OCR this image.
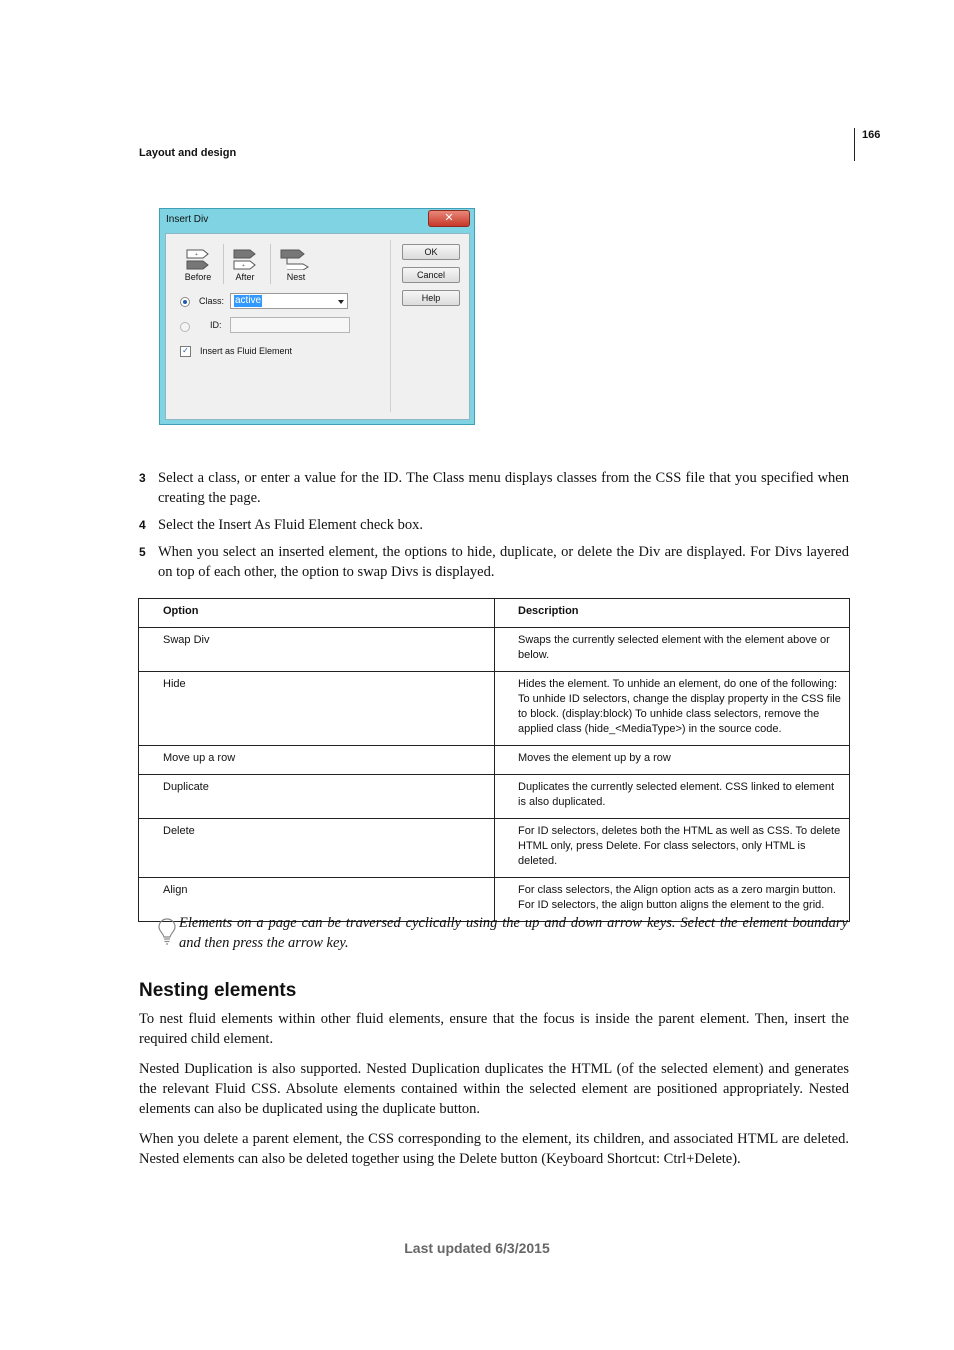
Layout and design
166
Insert Div	✕
+
Before
+
After	Nest
Class: active
ID:
✓ Insert as Fluid Element
OK
Cancel
Help
3 Select a class, or enter a value for the ID. The Class menu displays classes from the CSS file that you specified when creating the page.
4 Select the Insert As Fluid Element check box.
5 When you select an inserted element, the options to hide, duplicate, or delete the Div are displayed. For Divs layered on top of each other, the option to swap Divs is displayed.
Option	Description
Swap Div	Swaps the currently selected element with the element above or below.
Hide	Hides the element. To unhide an element, do one of the following: To unhide ID selectors, change the display property in the CSS file to block. (display:block) To unhide class selectors, remove the applied class (hide_<MediaType>) in the source code.
Move up a row	Moves the element up by a row
Duplicate	Duplicates the currently selected element. CSS linked to element is also duplicated.
Delete	For ID selectors, deletes both the HTML as well as CSS. To delete HTML only, press Delete. For class selectors, only HTML is deleted.
Align	For class selectors, the Align option acts as a zero margin button. For ID selectors, the align button aligns the element to the grid.
Elements on a page can be traversed cyclically using the up and down arrow keys. Select the element boundary and then press the arrow key.
Nesting elements
To nest fluid elements within other fluid elements, ensure that the focus is inside the parent element. Then, insert the required child element.
Nested Duplication is also supported. Nested Duplication duplicates the HTML (of the selected element) and generates the relevant Fluid CSS. Absolute elements contained within the selected element are positioned appropriately. Nested elements can also be duplicated using the duplicate button.
When you delete a parent element, the CSS corresponding to the element, its children, and associated HTML are deleted. Nested elements can also be deleted together using the Delete button (Keyboard Shortcut: Ctrl+Delete).
Last updated 6/3/2015
